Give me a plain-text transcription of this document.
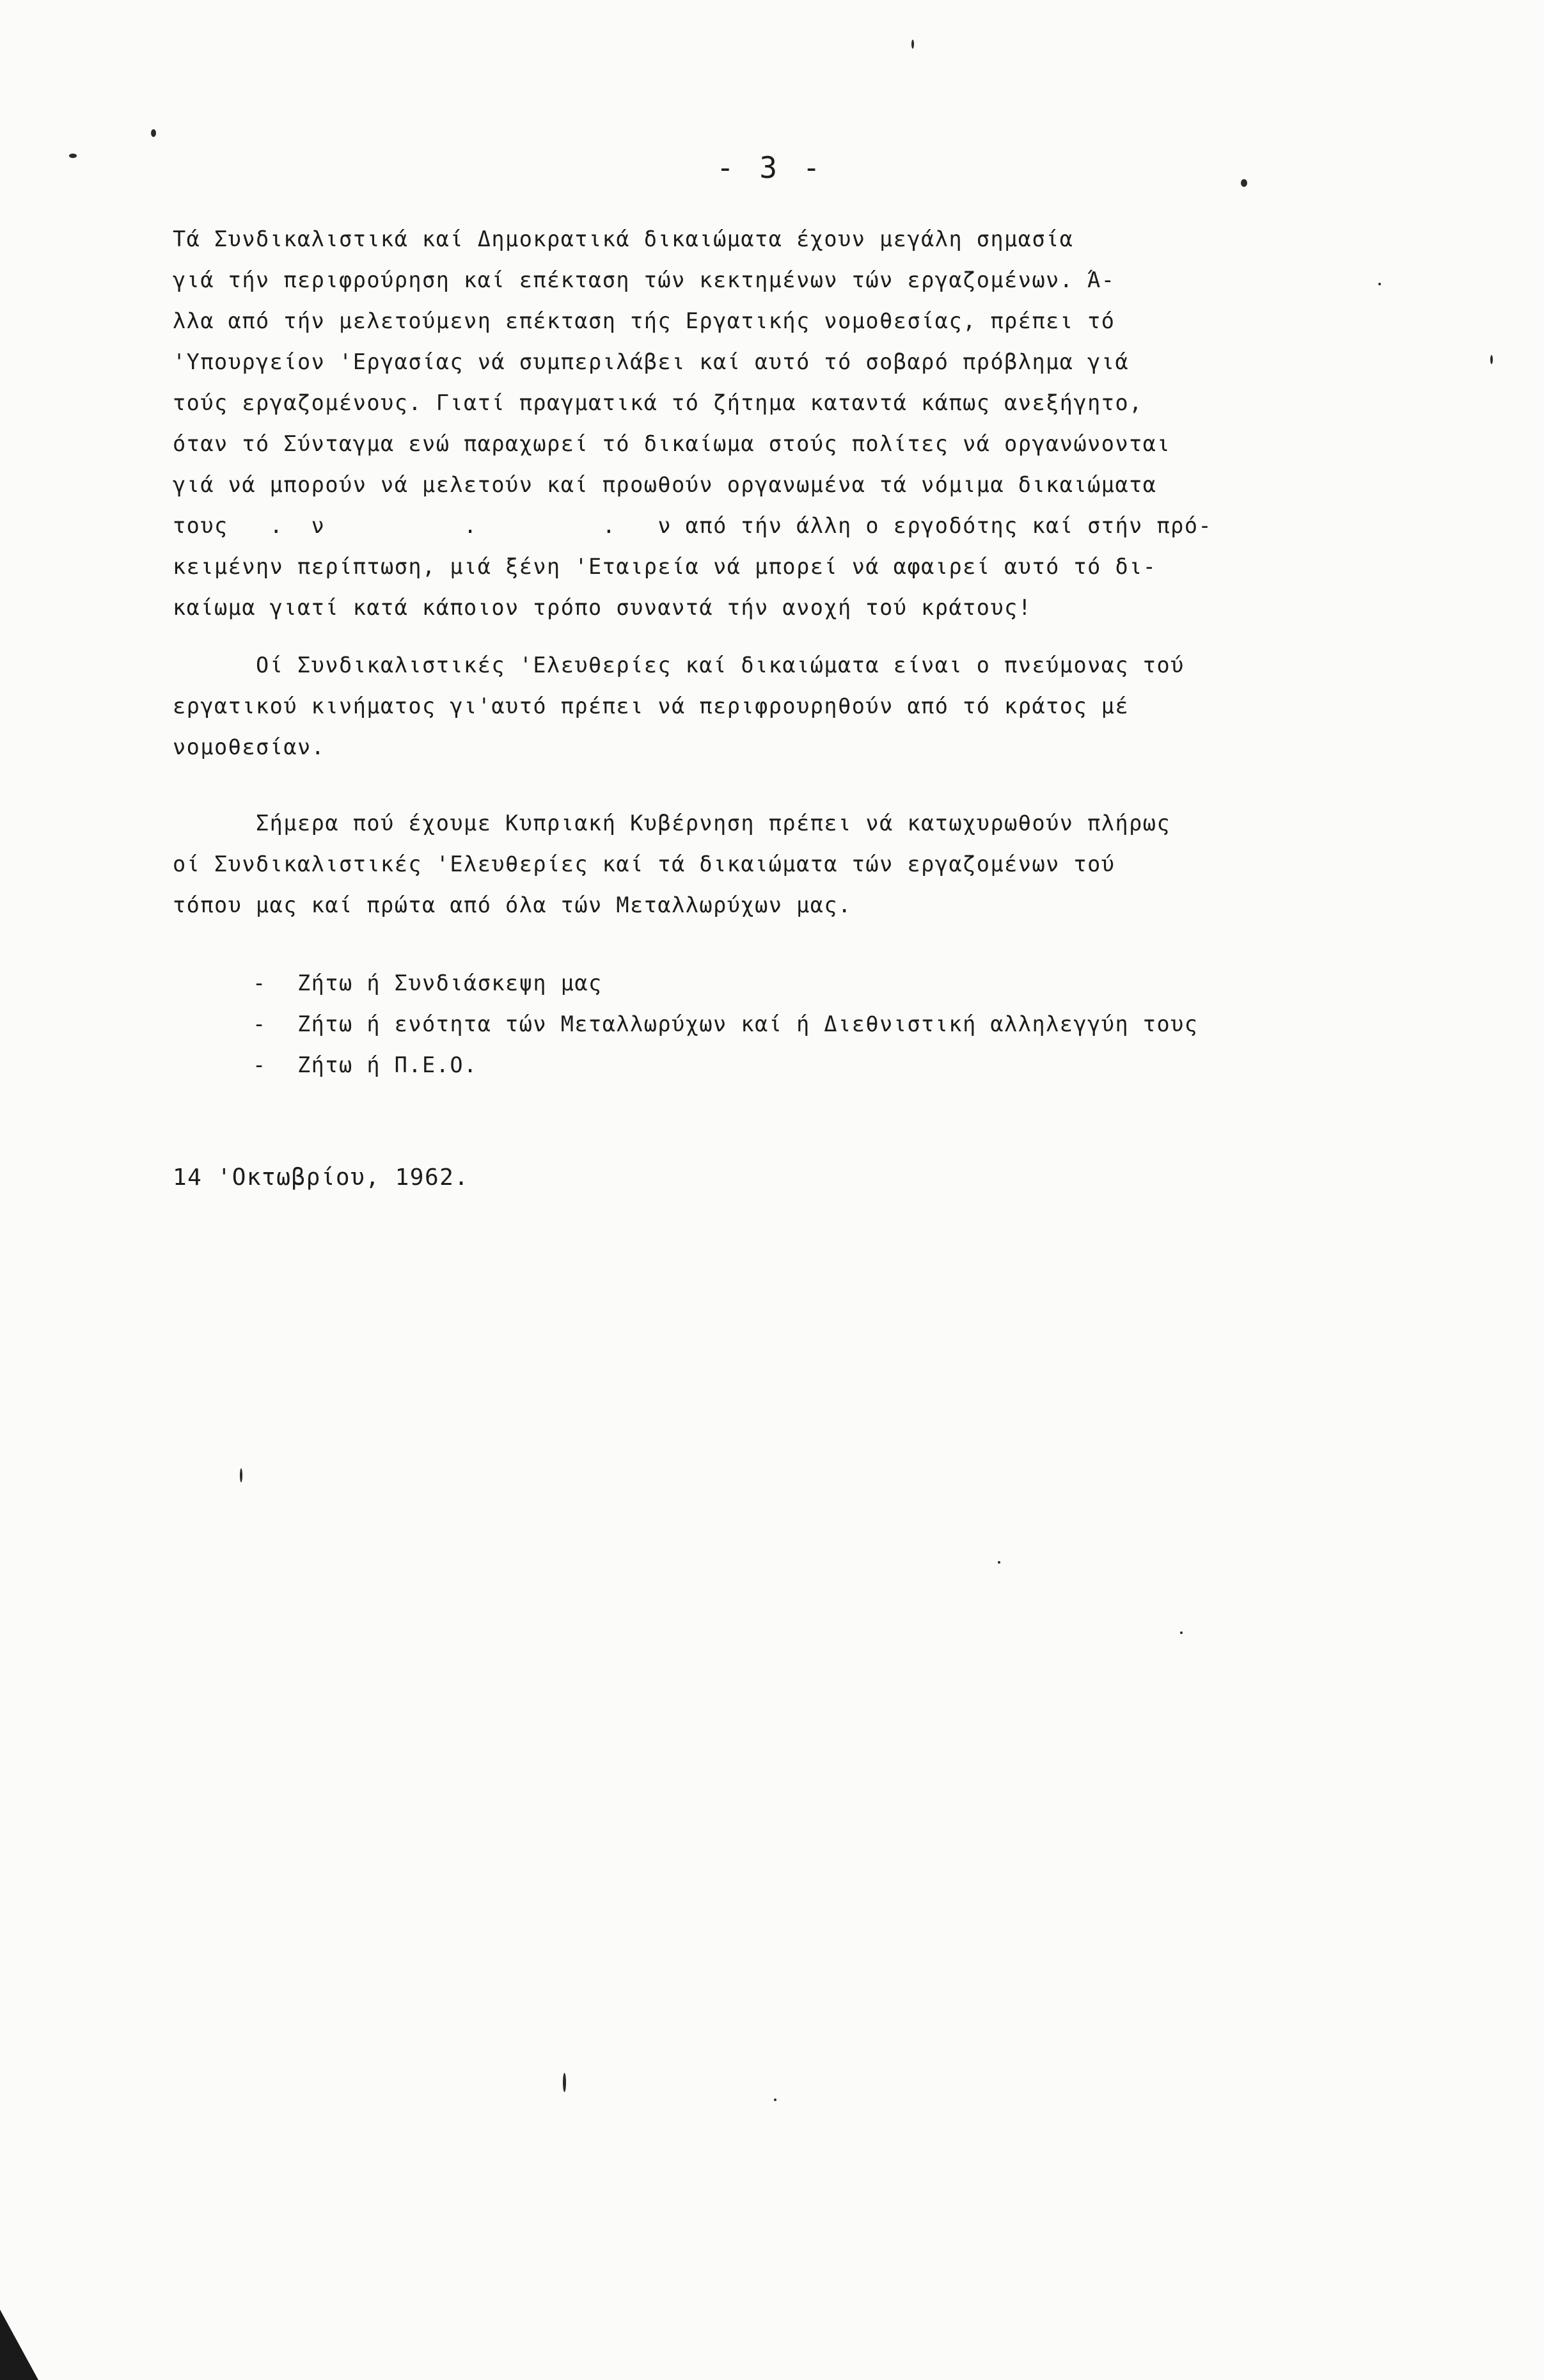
- 3 -
Τά Συνδικαλιστικά καί Δημοκρατικά δικαιώματα έχουν μεγάλη σημασία
γιά τήν περιφρούρηση καί επέκταση τών κεκτημένων τών εργαζομένων. Ά-
λλα από τήν μελετούμενη επέκταση τής Εργατικής νομοθεσίας, πρέπει τό
'Υπουργείον 'Εργασίας νά συμπεριλάβει καί αυτό τό σοβαρό πρόβλημα γιά
τούς εργαζομένους. Γιατί πραγματικά τό ζήτημα καταντά κάπως ανεξήγητο,
όταν τό Σύνταγμα ενώ παραχωρεί τό δικαίωμα στούς πολίτες νά οργανώνονται
γιά νά μπορούν νά μελετούν καί προωθούν οργανωμένα τά νόμιμα δικαιώματα
τους   .  ν          .         .   ν από τήν άλλη ο εργοδότης καί στήν πρό-
κειμένην περίπτωση, μιά ξένη 'Εταιρεία νά μπορεί νά αφαιρεί αυτό τό δι-
καίωμα γιατί κατά κάποιον τρόπο συναντά τήν ανοχή τού κράτους!
Οί Συνδικαλιστικές 'Ελευθερίες καί δικαιώματα είναι ο πνεύμονας τού
εργατικού κινήματος γι'αυτό πρέπει νά περιφρουρηθούν από τό κράτος μέ
νομοθεσίαν.
Σήμερα πού έχουμε Κυπριακή Κυβέρνηση πρέπει νά κατωχυρωθούν πλήρως
οί Συνδικαλιστικές 'Ελευθερίες καί τά δικαιώματα τών εργαζομένων τού
τόπου μας καί πρώτα από όλα τών Μεταλλωρύχων μας.
- Ζήτω ή Συνδιάσκεψη μας
- Ζήτω ή ενότητα τών Μεταλλωρύχων καί ή Διεθνιστική αλληλεγγύη τους
- Ζήτω ή Π.Ε.Ο.
14 'Οκτωβρίου, 1962.
